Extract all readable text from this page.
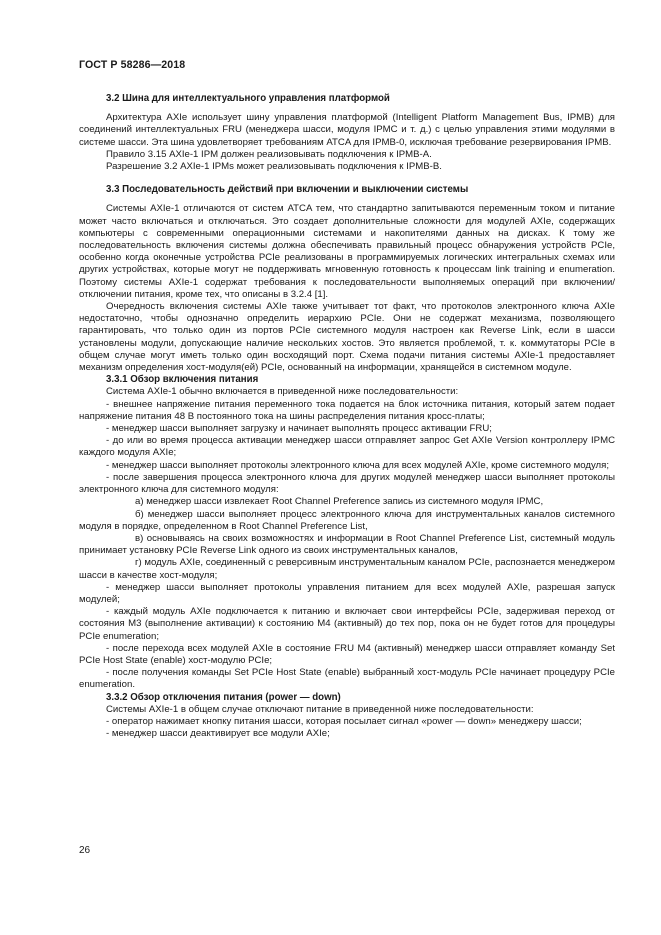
ГОСТ Р 58286—2018

3.2 Шина для интеллектуального управления платформой

Архитектура AXIe использует шину управления платформой (Intelligent Platform Management Bus, IPMB) для соединений интеллектуальных FRU (менеджера шасси, модуля IPMC и т. д.) с целью управления этими модулями в системе шасси. Эта шина удовлетворяет требованиям ATCA для IPMB-0, исключая требование резервирования IPMB.

Правило 3.15 AXIe-1 IPM должен реализовывать подключения к IPMB-A.

Разрешение 3.2 AXIe-1 IPMs может реализовывать подключения к IPMB-B.

3.3 Последовательность действий при включении и выключении системы

Системы AXIe-1 отличаются от систем ATCA тем, что стандартно запитываются переменным током и питание может часто включаться и отключаться. Это создает дополнительные сложности для модулей AXIe, содержащих компьютеры с современными операционными системами и накопителями данных на дисках. К тому же последовательность включения системы должна обеспечивать правильный процесс обнаружения устройств PCIe, особенно когда оконечные устройства PCIe реализованы в программируемых логических интегральных схемах или других устройствах, которые могут не поддерживать мгновенную готовность к процессам link training и enumeration. Поэтому системы AXIe-1 содержат требования к последовательности выполняемых операций при включении/отключении питания, кроме тех, что описаны в 3.2.4 [1].

Очередность включения системы AXIe также учитывает тот факт, что протоколов электронного ключа AXIe недостаточно, чтобы однозначно определить иерархию PCIe. Они не содержат механизма, позволяющего гарантировать, что только один из портов PCIe системного модуля настроен как Reverse Link, если в шасси установлены модули, допускающие наличие нескольких хостов. Это является проблемой, т. к. коммутаторы PCIe в общем случае могут иметь только один восходящий порт. Схема подачи питания системы AXIe-1 предоставляет механизм определения хост-модуля(ей) PCIe, основанный на информации, хранящейся в системном модуле.

3.3.1 Обзор включения питания

Система AXIe-1 обычно включается в приведенной ниже последовательности:

- внешнее напряжение питания переменного тока подается на блок источника питания, который затем подает напряжение питания 48 В постоянного тока на шины распределения питания кросс-платы;

- менеджер шасси выполняет загрузку и начинает выполнять процесс активации FRU;

- до или во время процесса активации менеджер шасси отправляет запрос Get AXIe Version контроллеру IPMC каждого модуля AXIe;

- менеджер шасси выполняет протоколы электронного ключа для всех модулей AXIe, кроме системного модуля;

- после завершения процесса электронного ключа для других модулей менеджер шасси выполняет протоколы электронного ключа для системного модуля:

а) менеджер шасси извлекает Root Channel Preference запись из системного модуля IPMC,

б) менеджер шасси выполняет процесс электронного ключа для инструментальных каналов системного модуля в порядке, определенном в Root Channel Preference List,

в) основываясь на своих возможностях и информации в Root Channel Preference List, системный модуль принимает установку PCIe Reverse Link одного из своих инструментальных каналов,

г) модуль AXIe, соединенный с реверсивным инструментальным каналом PCIe, распознается менеджером шасси в качестве хост-модуля;

- менеджер шасси выполняет протоколы управления питанием для всех модулей AXIe, разрешая запуск модулей;

- каждый модуль AXIe подключается к питанию и включает свои интерфейсы PCIe, задерживая переход от состояния M3 (выполнение активации) к состоянию M4 (активный) до тех пор, пока он не будет готов для процедуры PCIe enumeration;

- после перехода всех модулей AXIe в состояние FRU M4 (активный) менеджер шасси отправляет команду Set PCIe Host State (enable) хост-модулю PCIe;

- после получения команды Set PCIe Host State (enable) выбранный хост-модуль PCIe начинает процедуру PCIe enumeration.

3.3.2 Обзор отключения питания (power — down)

Системы AXIe-1 в общем случае отключают питание в приведенной ниже последовательности:

- оператор нажимает кнопку питания шасси, которая посылает сигнал «power — down» менеджеру шасси;

- менеджер шасси деактивирует все модули AXIe;

26
